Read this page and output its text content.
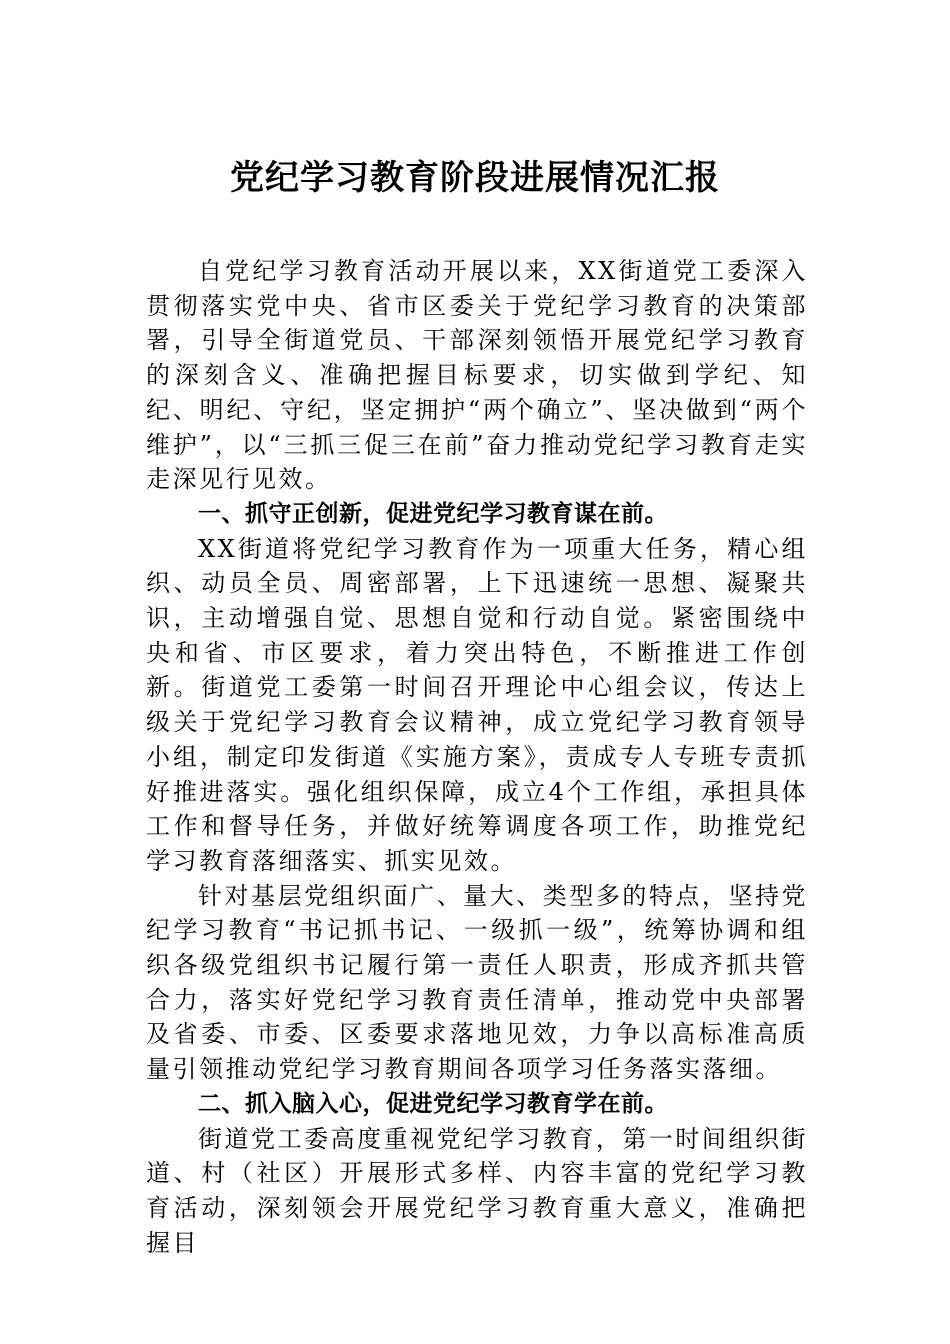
党纪学习教育阶段进展情况汇报

自党纪学习教育活动开展以来，XX街道党工委深入贯彻落实党中央、省市区委关于党纪学习教育的决策部署，引导全街道党员、干部深刻领悟开展党纪学习教育的深刻含义、准确把握目标要求，切实做到学纪、知纪、明纪、守纪，坚定拥护“两个确立”、坚决做到“两个维护”，以“三抓三促三在前”奋力推动党纪学习教育走实走深见行见效。

一、抓守正创新，促进党纪学习教育谋在前。

XX街道将党纪学习教育作为一项重大任务，精心组织、动员全员、周密部署，上下迅速统一思想、凝聚共识，主动增强自觉、思想自觉和行动自觉。紧密围绕中央和省、市区要求，着力突出特色，不断推进工作创新。街道党工委第一时间召开理论中心组会议，传达上级关于党纪学习教育会议精神，成立党纪学习教育领导小组，制定印发街道《实施方案》，责成专人专班专责抓好推进落实。强化组织保障，成立4个工作组，承担具体工作和督导任务，并做好统筹调度各项工作，助推党纪学习教育落细落实、抓实见效。

针对基层党组织面广、量大、类型多的特点，坚持党纪学习教育“书记抓书记、一级抓一级”，统筹协调和组织各级党组织书记履行第一责任人职责，形成齐抓共管合力，落实好党纪学习教育责任清单，推动党中央部署及省委、市委、区委要求落地见效，力争以高标准高质量引领推动党纪学习教育期间各项学习任务落实落细。

二、抓入脑入心，促进党纪学习教育学在前。

街道党工委高度重视党纪学习教育，第一时间组织街道、村（社区）开展形式多样、内容丰富的党纪学习教育活动，深刻领会开展党纪学习教育重大意义，准确把握目
